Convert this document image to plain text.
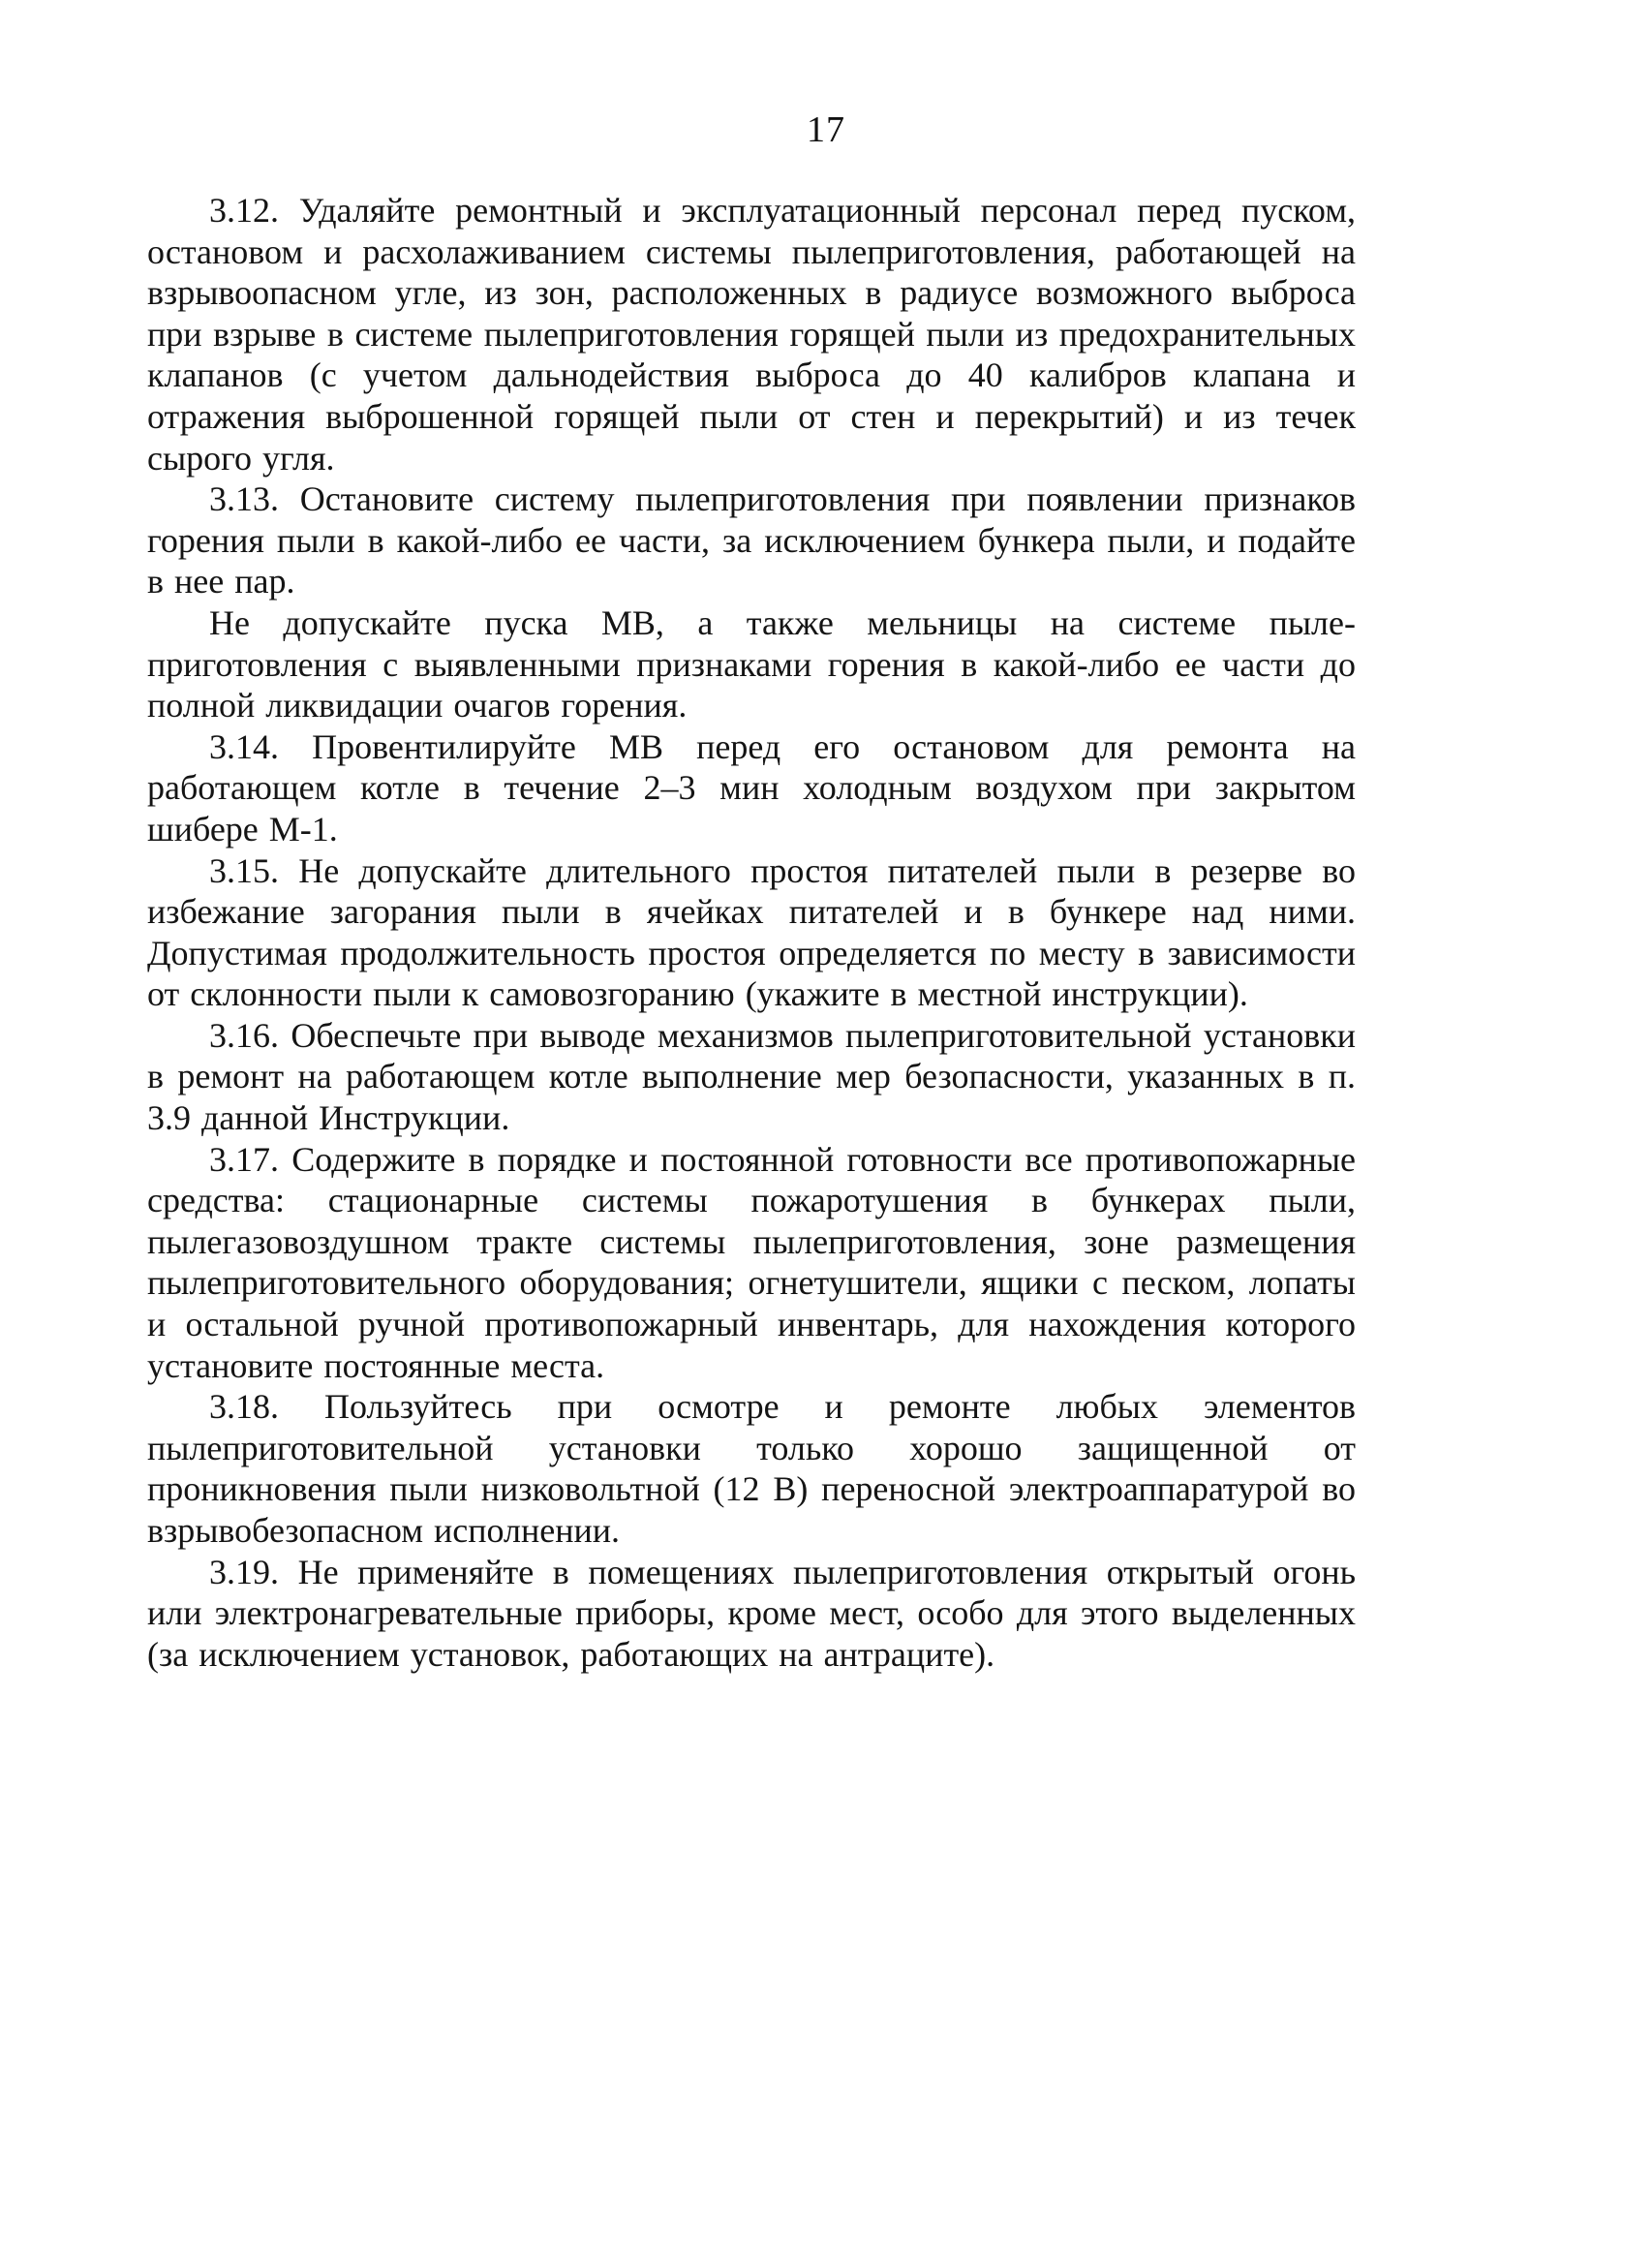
17

3.12. Удаляйте ремонтный и эксплуатационный персонал перед пуском, остановом и расхолаживанием системы пылеприготовления, работающей на взрывоопасном угле, из зон, расположенных в радиусе возможного выброса при взрыве в системе пылеприготовления горящей пыли из предохранительных клапанов (с учетом дальнодействия выброса до 40 калибров клапана и отражения выброшенной горящей пыли от стен и перекрытий) и из течек сырого угля.

3.13. Остановите систему пылеприготовления при появлении признаков горения пыли в какой-либо ее части, за исключением бункера пыли, и подайте в нее пар.

Не допускайте пуска MB, а также мельницы на системе пылеприготовления с выявленными признаками горения в какой-либо ее части до полной ликвидации очагов горения.

3.14. Провентилируйте MB перед его остановом для ремонта на работающем котле в течение 2–3 мин холодным воздухом при закрытом шибере М-1.

3.15. Не допускайте длительного простоя питателей пыли в резерве во избежание загорания пыли в ячейках питателей и в бункере над ними. Допустимая продолжительность простоя определяется по месту в зависимости от склонности пыли к самовозгоранию (укажите в местной инструкции).

3.16. Обеспечьте при выводе механизмов пылеприготовительной установки в ремонт на работающем котле выполнение мер безопасности, указанных в п. 3.9 данной Инструкции.

3.17. Содержите в порядке и постоянной готовности все противопожарные средства: стационарные системы пожаротушения в бункерах пыли, пылегазовоздушном тракте системы пылеприготовления, зоне размещения пылеприготовительного оборудования; огнетушители, ящики с песком, лопаты и остальной ручной противопожарный инвентарь, для нахождения которого установите постоянные места.

3.18. Пользуйтесь при осмотре и ремонте любых элементов пылеприготовительной установки только хорошо защищенной от проникновения пыли низковольтной (12 В) переносной электроаппаратурой во взрывобезопасном исполнении.

3.19. Не применяйте в помещениях пылеприготовления открытый огонь или электронагревательные приборы, кроме мест, особо для этого выделенных (за исключением установок, работающих на антраците).
